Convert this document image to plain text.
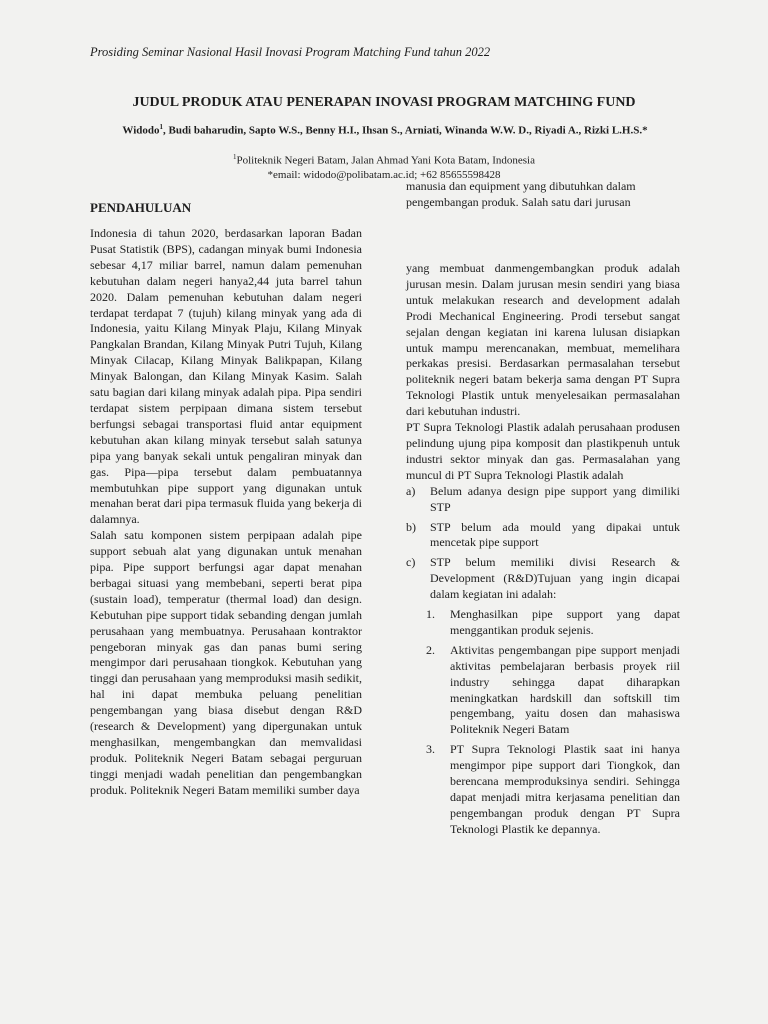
Prosiding Seminar Nasional Hasil Inovasi Program Matching Fund tahun 2022
JUDUL PRODUK ATAU PENERAPAN INOVASI PROGRAM MATCHING FUND
Widodo$^1$, Budi baharudin, Sapto W.S., Benny H.I., Ihsan S., Arniati, Winanda W.W. D., Riyadi A., Rizki L.H.S.*
$^1$Politeknik Negeri Batam, Jalan Ahmad Yani Kota Batam, Indonesia
*email: widodo@polibatam.ac.id; +62 85655598428
PENDAHULUAN

Indonesia di tahun 2020, berdasarkan laporan Badan Pusat Statistik (BPS), cadangan minyak bumi Indonesia sebesar 4,17 miliar barrel, namun dalam pemenuhan kebutuhan dalam negeri hanya2,44 juta barrel tahun 2020. Dalam pemenuhan kebutuhan dalam negeri terdapat terdapat 7 (tujuh) kilang minyak yang ada di Indonesia, yaitu Kilang Minyak Plaju, Kilang Minyak Pangkalan Brandan, Kilang Minyak Putri Tujuh, Kilang Minyak Cilacap, Kilang Minyak Balikpapan, Kilang Minyak Balongan, dan Kilang Minyak Kasim. Salah satu bagian dari kilang minyak adalah pipa. Pipa sendiri terdapat sistem perpipaan dimana sistem tersebut berfungsi sebagai transportasi fluid antar equipment kebutuhan akan kilang minyak tersebut salah satunya pipa yang banyak sekali untuk pengaliran minyak dan gas. Pipa—pipa tersebut dalam pembuatannya membutuhkan pipe support yang digunakan untuk menahan berat dari pipa termasuk fluida yang bekerja di dalamnya.

Salah satu komponen sistem perpipaan adalah pipe support sebuah alat yang digunakan untuk menahan pipa. Pipe support berfungsi agar dapat menahan berbagai situasi yang membebani, seperti berat pipa (sustain load), temperatur (thermal load) dan design. Kebutuhan pipe support tidak sebanding dengan jumlah perusahaan yang membuatnya. Perusahaan kontraktor pengeboran minyak gas dan panas bumi sering mengimpor dari perusahaan tiongkok. Kebutuhan yang tinggi dan perusahaan yang memproduksi masih sedikit, hal ini dapat membuka peluang penelitian pengembangan yang biasa disebut dengan R&D (research & Development) yang dipergunakan untuk menghasilkan, mengembangkan dan memvalidasi produk. Politeknik Negeri Batam sebagai perguruan tinggi menjadi wadah penelitian dan pengembangkan produk. Politeknik Negeri Batam memiliki sumber daya

manusia dan equipment yang dibutuhkan dalam pengembangan produk. Salah satu dari jurusan

yang membuat danmengembangkan produk adalah jurusan mesin. Dalam jurusan mesin sendiri yang biasa untuk melakukan research and development adalah Prodi Mechanical Engineering. Prodi tersebut sangat sejalan dengan kegiatan ini karena lulusan disiapkan untuk mampu merencanakan, membuat, memelihara perkakas presisi. Berdasarkan permasalahan tersebut politeknik negeri batam bekerja sama dengan PT Supra Teknologi Plastik untuk menyelesaikan permasalahan dari kebutuhan industri.

PT Supra Teknologi Plastik adalah perusahaan produsen pelindung ujung pipa komposit dan plastikpenuh untuk industri sektor minyak dan gas. Permasalahan yang muncul di PT Supra Teknologi Plastik adalah

a)	Belum adanya design pipe support yang dimiliki STP
b)	STP belum ada mould yang dipakai untuk mencetak pipe support
c)	STP belum memiliki divisi Research & Development (R&D)Tujuan yang ingin dicapai dalam kegiatan ini adalah:
1.	Menghasilkan pipe support yang dapat menggantikan produk sejenis.
2.	Aktivitas pengembangan pipe support menjadi aktivitas pembelajaran berbasis proyek riil industry sehingga dapat diharapkan meningkatkan hardskill dan softskill tim pengembang, yaitu dosen dan mahasiswa Politeknik Negeri Batam
3.	PT Supra Teknologi Plastik saat ini hanya mengimpor pipe support dari Tiongkok, dan berencana memproduksinya sendiri. Sehingga dapat menjadi mitra kerjasama penelitian dan pengembangan produk dengan PT Supra Teknologi Plastik ke depannya.
